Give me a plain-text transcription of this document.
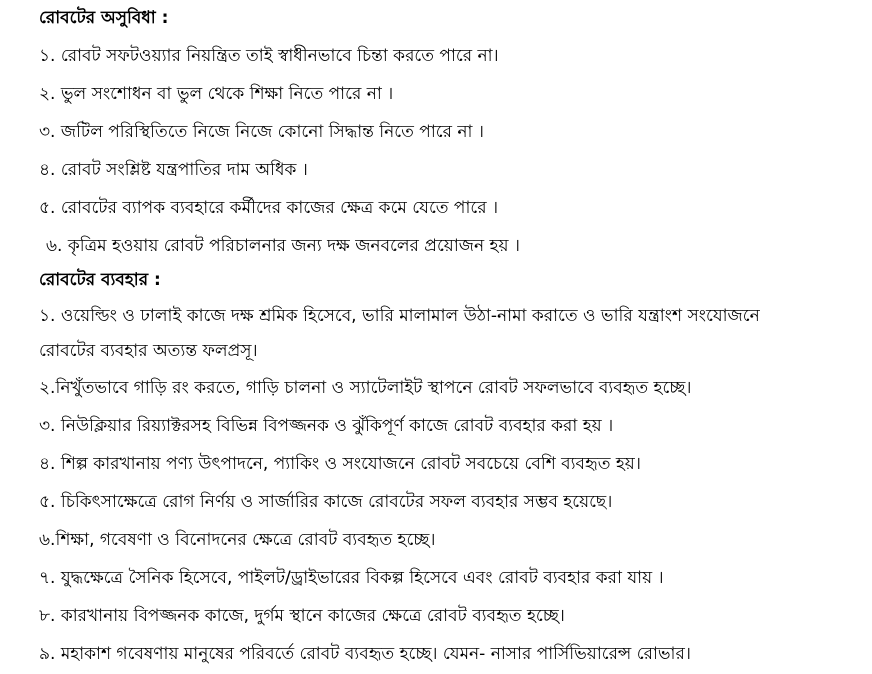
রোবটের অসুবিধা :
১. রোবট সফটওয়্যার নিয়ন্ত্রিত তাই স্বাধীনভাবে চিন্তা করতে পারে না।
২. ভুল সংশোধন বা ভুল থেকে শিক্ষা নিতে পারে না ।
৩. জটিল পরিস্থিতিতে নিজে নিজে কোনো সিদ্ধান্ত নিতে পারে না ।
৪. রোবট সংশ্লিষ্ট যন্ত্রপাতির দাম অধিক ।
৫. রোবটের ব্যাপক ব্যবহারে কর্মীদের কাজের ক্ষেত্র কমে যেতে পারে ।
৬. কৃত্রিম হওয়ায় রোবট পরিচালনার জন্য দক্ষ জনবলের প্রয়োজন হয় ।
রোবটের ব্যবহার :
১. ওয়েল্ডিং ও ঢালাই কাজে দক্ষ শ্রমিক হিসেবে, ভারি মালামাল উঠা-নামা করাতে ও ভারি যন্ত্রাংশ সংযোজনে
রোবটের ব্যবহার অত্যন্ত ফলপ্রসূ।
২.নিখুঁতভাবে গাড়ি রং করতে, গাড়ি চালনা ও স্যাটেলাইট স্থাপনে রোবট সফলভাবে ব্যবহৃত হচ্ছে।
৩. নিউক্লিয়ার রিয়্যাক্টরসহ বিভিন্ন বিপজ্জনক ও ঝুঁকিপূর্ণ কাজে রোবট ব্যবহার করা হয় ।
৪. শিল্প কারখানায় পণ্য উৎপাদনে, প্যাকিং ও সংযোজনে রোবট সবচেয়ে বেশি ব্যবহৃত হয়।
৫. চিকিৎসাক্ষেত্রে রোগ নির্ণয় ও সার্জারির কাজে রোবটের সফল ব্যবহার সম্ভব হয়েছে।
৬.শিক্ষা, গবেষণা ও বিনোদনের ক্ষেত্রে রোবট ব্যবহৃত হচ্ছে।
৭. যুদ্ধক্ষেত্রে সৈনিক হিসেবে, পাইলট/ড্রাইভারের বিকল্প হিসেবে এবং রোবট ব্যবহার করা যায় ।
৮. কারখানায় বিপজ্জনক কাজে, দুর্গম স্থানে কাজের ক্ষেত্রে রোবট ব্যবহৃত হচ্ছে।
৯. মহাকাশ গবেষণায় মানুষের পরিবর্তে রোবট ব্যবহৃত হচ্ছে। যেমন- নাসার পার্সিভিয়ারেন্স রোভার।
